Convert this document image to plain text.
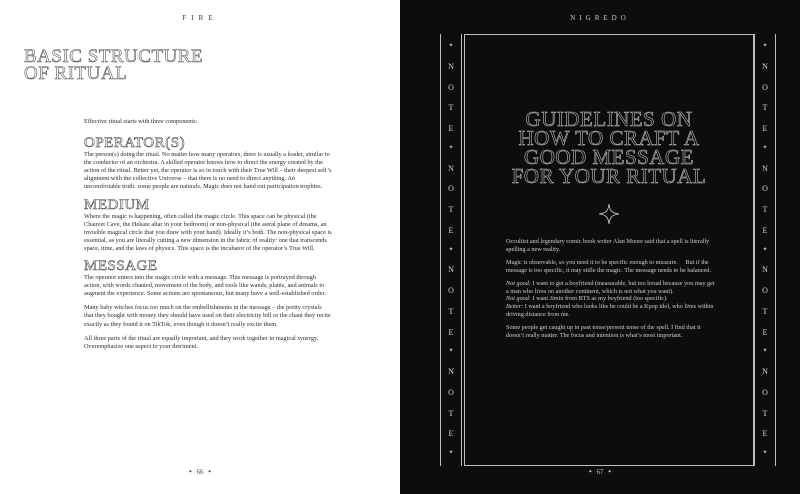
FIRE
BASIC STRUCTURE
OF RITUAL
Effective ritual starts with three components:
OPERATOR(S)

The person(s) doing the ritual. No matter how many operators, there is usually a leader, similar to the conductor of an orchestra. A skilled operator knows how to direct the energy created by the action of the ritual. Better yet, the operator is so in touch with their True Will – their deepest self’s alignment with the collective Universe – that there is no need to direct anything. An uncomfortable truth: some people are naturals. Magic does not hand out participation trophies.

MEDIUM

Where the magic is happening, often called the magic circle. This space can be physical (the Chauvet Cave, the Hekate altar in your bedroom) or non-physical (the astral plane of dreams, an invisible magical circle that you draw with your hand). Ideally it’s both. The non-physical space is essential, as you are literally cutting a new dimension in the fabric of reality: one that transcends space, time, and the laws of physics. This space is the incubator of the operator’s True Will.

MESSAGE

The operator enters into the magic circle with a message. This message is portrayed through action, with words chanted, movement of the body, and tools like wands, plants, and animals to augment the experience. Some actions are spontaneous, but many have a well-established order.

Many baby witches focus too much on the embellishments in the message – the pretty crystals that they bought with money they should have used on their electricity bill or the chant they recite exactly as they found it on TikTok, even though it doesn’t really excite them.

All three parts of the ritual are equally important, and they work together in magical synergy. Overemphasize one aspect to your detriment.

✦ 66 ✦
NIGREDO
✦
N
O
T
E
✦
N
O
T
E
✦
N
O
T
E
✦
N
O
T
E
✦
✦
N
O
T
E
✦
N
O
T
E
✦
N
O
T
E
✦
N
O
T
E
✦
GUIDELINES ON
HOW TO CRAFT A
GOOD MESSAGE
FOR YOUR RITUAL

Occultist and legendary comic book writer Alan Moore said that a spell is literally spelling a new reality.

Magic is observable, so you need it to be specific enough to measure. But if the message is too specific, it may stifle the magic. The message needs to be balanced.

Not good: I want to get a boyfriend (measurable, but too broad because you may get a man who lives on another continent, which is not what you want).
Not good: I want Jimin from BTS as my boyfriend (too specific).
Better: I want a boyfriend who looks like he could be a Kpop idol, who lives within driving distance from me.

Some people get caught up in past tense/present tense of the spell. I find that it doesn’t really matter. The focus and intention is what’s most important.

✦ 67 ✦
